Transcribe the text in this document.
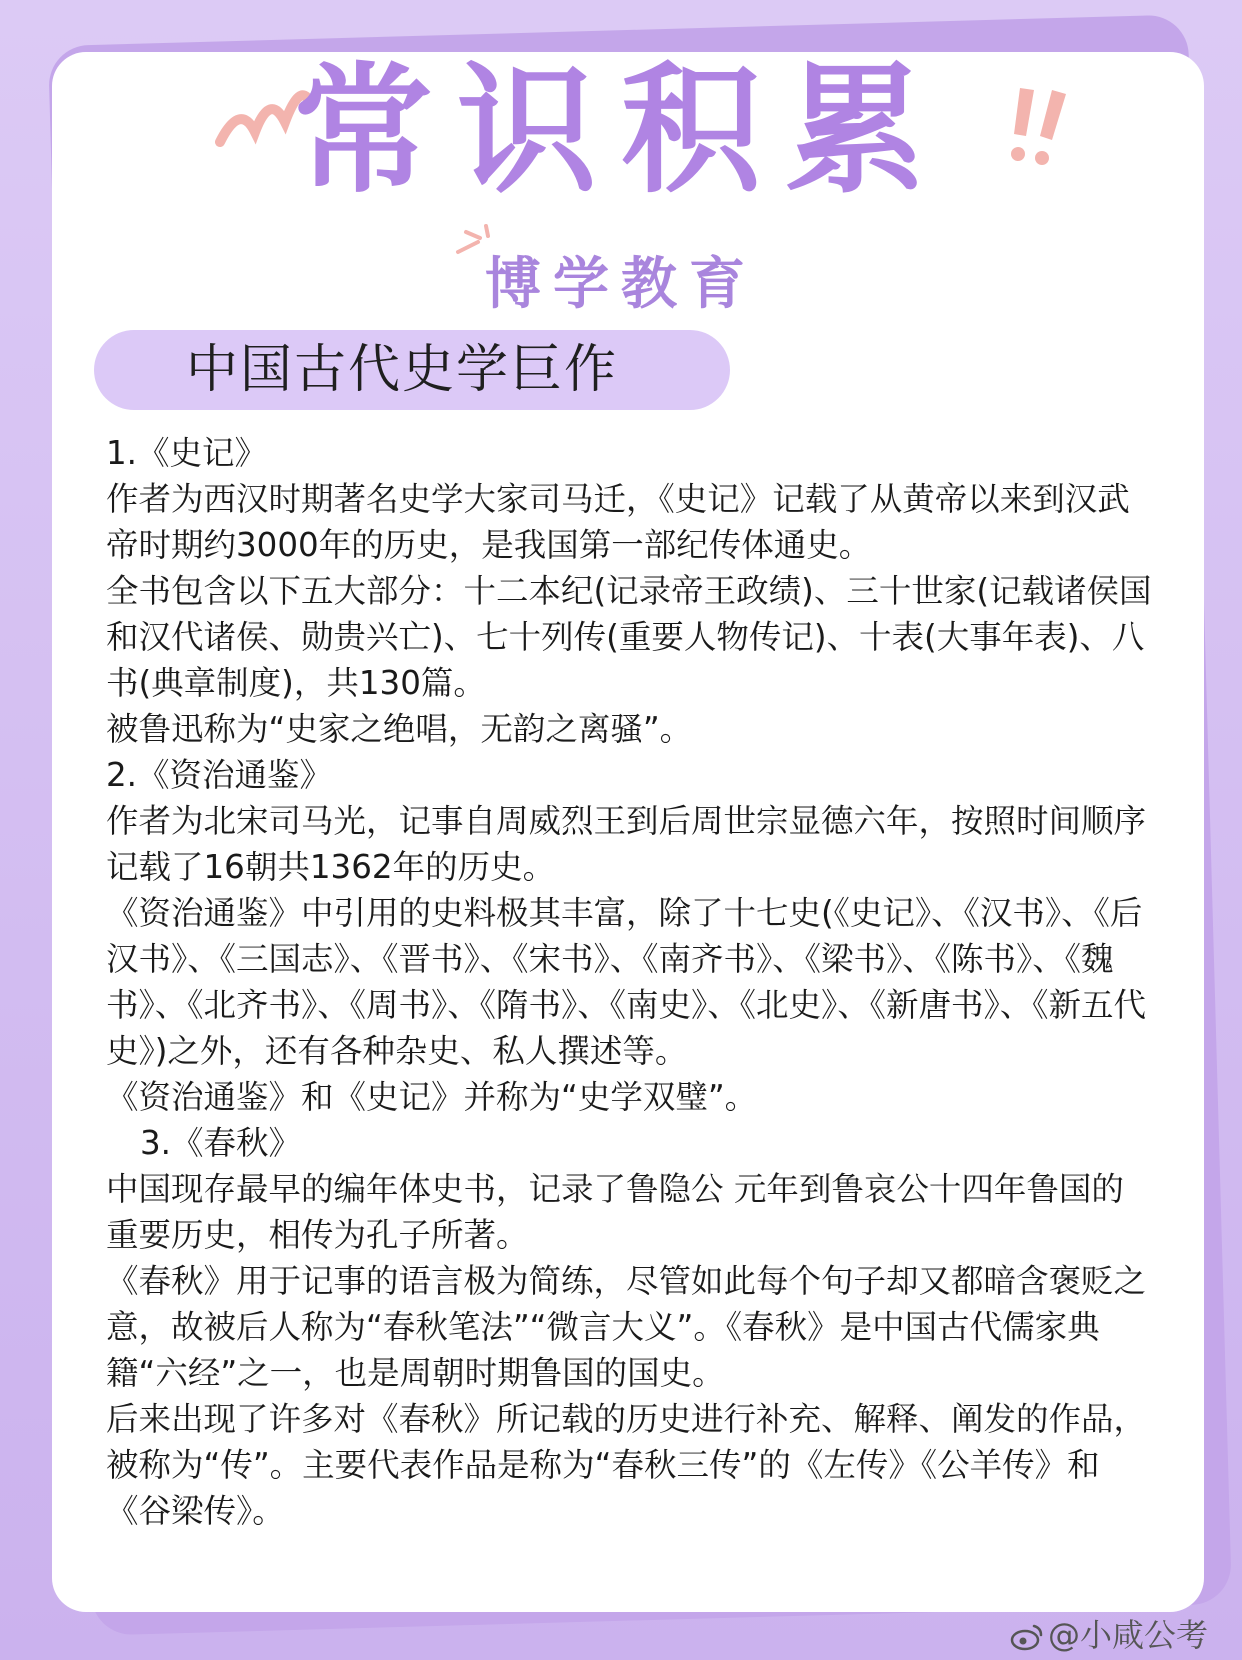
常识积累
博学教育
中国古代史学巨作

1.《史记》

作者为西汉时期著名史学大家司马迁，《史记》记载了从黄帝以来到汉武帝时期约3000年的历史，是我国第一部纪传体通史。

全书包含以下五大部分：十二本纪(记录帝王政绩)、三十世家(记载诸侯国和汉代诸侯、勋贵兴亡)、七十列传(重要人物传记)、十表(大事年表)、八书(典章制度)，共130篇。

被鲁迅称为“史家之绝唱，无韵之离骚”。

2.《资治通鉴》

作者为北宋司马光，记事自周威烈王到后周世宗显德六年，按照时间顺序记载了16朝共1362年的历史。

《资治通鉴》中引用的史料极其丰富，除了十七史(《史记》、《汉书》、《后汉书》、《三国志》、《晋书》、《宋书》、《南齐书》、《梁书》、《陈书》、《魏书》、《北齐书》、《周书》、《隋书》、《南史》、《北史》、《新唐书》、《新五代史》)之外，还有各种杂史、私人撰述等。

《资治通鉴》和《史记》并称为“史学双璧”。

3.《春秋》

中国现存最早的编年体史书，记录了鲁隐公 元年到鲁哀公十四年鲁国的重要历史，相传为孔子所著。

《春秋》用于记事的语言极为简练，尽管如此每个句子却又都暗含褒贬之意，故被后人称为“春秋笔法”“微言大义”。《春秋》是中国古代儒家典籍“六经”之一，也是周朝时期鲁国的国史。

后来出现了许多对《春秋》所记载的历史进行补充、解释、阐发的作品，被称为“传”。主要代表作品是称为“春秋三传”的《左传》《公羊传》和《谷梁传》。

@小咸公考
